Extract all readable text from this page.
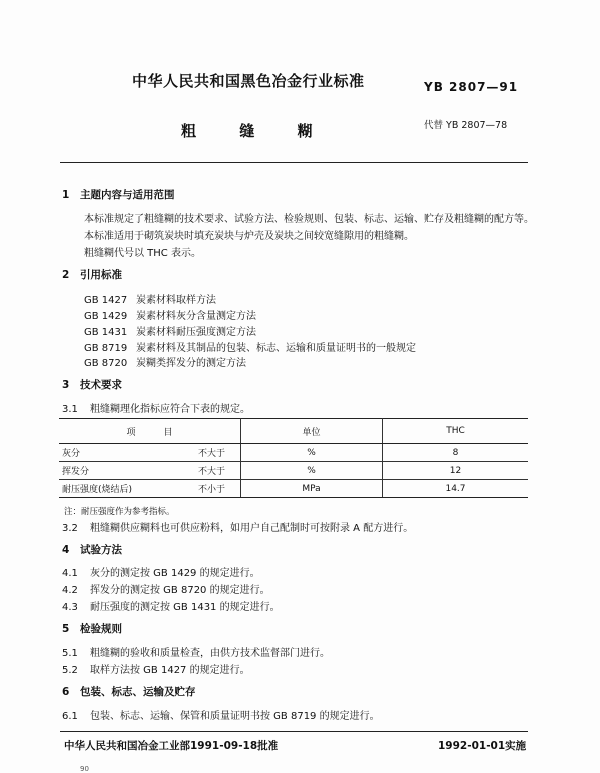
中华人民共和国黑色冶金行业标准	YB 2807—91
粗 缝 糊	代替 YB 2807—78
1 主题内容与适用范围
本标准规定了粗缝糊的技术要求、试验方法、检验规则、包装、标志、运输、贮存及粗缝糊的配方等。
本标准适用于砌筑炭块时填充炭块与炉壳及炭块之间较宽缝隙用的粗缝糊。
粗缝糊代号以 THC 表示。
2 引用标准
GB 1427 炭素材料取样方法
GB 1429 炭素材料灰分含量测定方法
GB 1431 炭素材料耐压强度测定方法
GB 8719 炭素材料及其制品的包装、标志、运输和质量证明书的一般规定
GB 8720 炭糊类挥发分的测定方法
3 技术要求
3.1 粗缝糊理化指标应符合下表的规定。
项 目	单位	THC

灰分 不大于	%	8

挥发分 不大于	%	12

耐压强度(烧结后) 不小于	MPa	14.7
注：耐压强度作为参考指标。
3.2 粗缝糊供应糊料也可供应粉料，如用户自己配制时可按附录 A 配方进行。
4 试验方法
4.1 灰分的测定按 GB 1429 的规定进行。
4.2 挥发分的测定按 GB 8720 的规定进行。
4.3 耐压强度的测定按 GB 1431 的规定进行。
5 检验规则
5.1 粗缝糊的验收和质量检查，由供方技术监督部门进行。
5.2 取样方法按 GB 1427 的规定进行。
6 包装、标志、运输及贮存
6.1 包装、标志、运输、保管和质量证明书按 GB 8719 的规定进行。
中华人民共和国冶金工业部1991-09-18批准	1992-01-01实施
90
